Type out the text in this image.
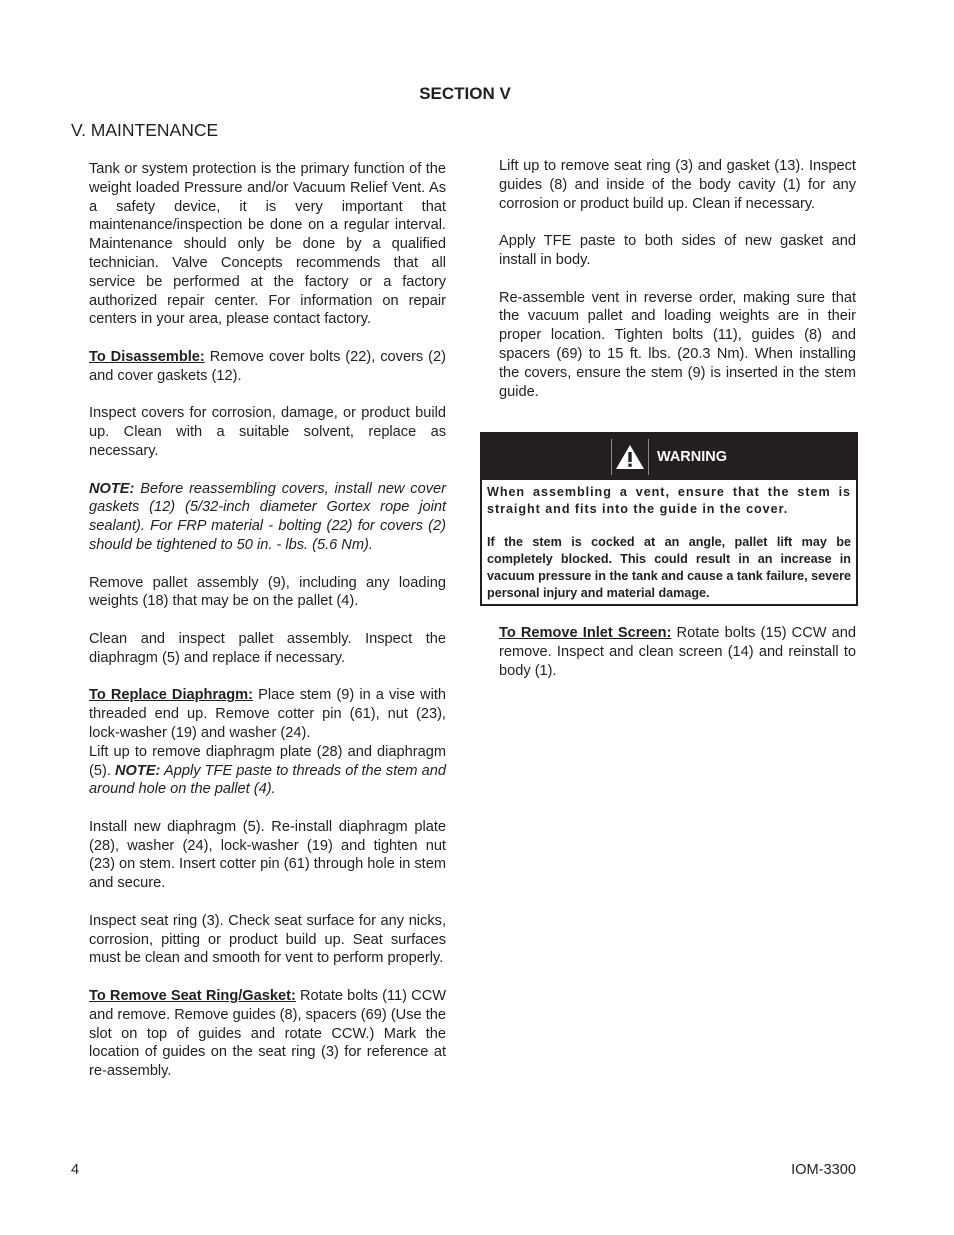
SECTION V
V. MAINTENANCE

Tank or system protection is the primary function of the weight loaded Pressure and/or Vacuum Relief Vent. As a safety device, it is very important that maintenance/inspection be done on a regular interval. Maintenance should only be done by a qualified technician. Valve Concepts recommends that all service be performed at the factory or a factory authorized repair center. For information on repair centers in your area, please contact factory.

To Disassemble: Remove cover bolts (22), covers (2) and cover gaskets (12).

Inspect covers for corrosion, damage, or product build up. Clean with a suitable solvent, replace as necessary.

NOTE: Before reassembling covers, install new cover gaskets (12) (5/32-inch diameter Gortex rope joint sealant). For FRP material - bolting (22) for covers (2) should be tightened to 50 in. - lbs. (5.6 Nm).

Remove pallet assembly (9), including any loading weights (18) that may be on the pallet (4).

Clean and inspect pallet assembly. Inspect the diaphragm (5) and replace if necessary.

To Replace Diaphragm: Place stem (9) in a vise with threaded end up. Remove cotter pin (61), nut (23), lock-washer (19) and washer (24).

Lift up to remove diaphragm plate (28) and diaphragm (5). NOTE: Apply TFE paste to threads of the stem and around hole on the pallet (4).

Install new diaphragm (5). Re-install diaphragm plate (28), washer (24), lock-washer (19) and tighten nut (23) on stem. Insert cotter pin (61) through hole in stem and secure.

Inspect seat ring (3). Check seat surface for any nicks, corrosion, pitting or product build up. Seat surfaces must be clean and smooth for vent to perform properly.

To Remove Seat Ring/Gasket: Rotate bolts (11) CCW and remove. Remove guides (8), spacers (69) (Use the slot on top of guides and rotate CCW.) Mark the location of guides on the seat ring (3) for reference at re-assembly.

Lift up to remove seat ring (3) and gasket (13). Inspect guides (8) and inside of the body cavity (1) for any corrosion or product build up. Clean if necessary.

Apply TFE paste to both sides of new gasket and install in body.

Re-assemble vent in reverse order, making sure that the vacuum pallet and loading weights are in their proper location. Tighten bolts (11), guides (8) and spacers (69) to 15 ft. lbs. (20.3 Nm). When installing the covers, ensure the stem (9) is inserted in the stem guide.

WARNING

When assembling a vent, ensure that the stem is straight and fits into the guide in the cover.

If the stem is cocked at an angle, pallet lift may be completely blocked. This could result in an increase in vacuum pressure in the tank and cause a tank failure, severe personal injury and material damage.

To Remove Inlet Screen: Rotate bolts (15) CCW and remove. Inspect and clean screen (14) and reinstall to body (1).

4	IOM-3300
